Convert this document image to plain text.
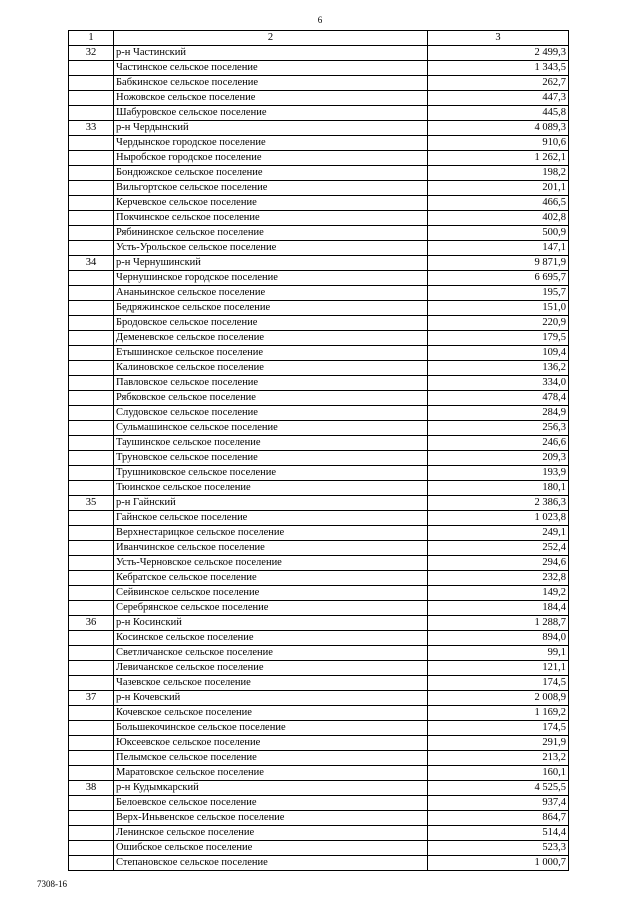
6
1	2	3
32	р-н Частинский	2 499,3
	Частинское сельское поселение	1 343,5
	Бабкинское сельское поселение	262,7
	Ножовское сельское поселение	447,3
	Шабуровское сельское поселение	445,8
33	р-н Чердынский	4 089,3
	Чердынское городское поселение	910,6
	Ныробское городское поселение	1 262,1
	Бондюжское сельское поселение	198,2
	Вильгортское сельское поселение	201,1
	Керчевское сельское поселение	466,5
	Покчинское сельское поселение	402,8
	Рябининское сельское поселение	500,9
	Усть-Урольское сельское поселение	147,1
34	р-н Чернушинский	9 871,9
	Чернушинское городское поселение	6 695,7
	Ананьинское сельское поселение	195,7
	Бедряжинское сельское поселение	151,0
	Бродовское сельское поселение	220,9
	Деменевское сельское поселение	179,5
	Етышинское сельское поселение	109,4
	Калиновское сельское поселение	136,2
	Павловское сельское поселение	334,0
	Рябковское сельское поселение	478,4
	Слудовское сельское поселение	284,9
	Сульмашинское сельское поселение	256,3
	Таушинское сельское поселение	246,6
	Труновское сельское поселение	209,3
	Трушниковское сельское поселение	193,9
	Тюинское сельское поселение	180,1
35	р-н Гайнский	2 386,3
	Гайнское сельское поселение	1 023,8
	Верхнестарицкое сельское поселение	249,1
	Иванчинское сельское поселение	252,4
	Усть-Черновское сельское поселение	294,6
	Кебратское сельское поселение	232,8
	Сейвинское сельское поселение	149,2
	Серебрянское сельское поселение	184,4
36	р-н Косинский	1 288,7
	Косинское сельское поселение	894,0
	Светличанское сельское поселение	99,1
	Левичанское сельское поселение	121,1
	Чазевское сельское поселение	174,5
37	р-н Кочевский	2 008,9
	Кочевское сельское поселение	1 169,2
	Большекочинское сельское поселение	174,5
	Юксеевское сельское поселение	291,9
	Пелымское сельское поселение	213,2
	Маратовское сельское поселение	160,1
38	р-н Кудымкарский	4 525,5
	Белоевское сельское поселение	937,4
	Верх-Иньвенское сельское поселение	864,7
	Ленинское сельское поселение	514,4
	Ошибское сельское поселение	523,3
	Степановское сельское поселение	1 000,7
7308-16
